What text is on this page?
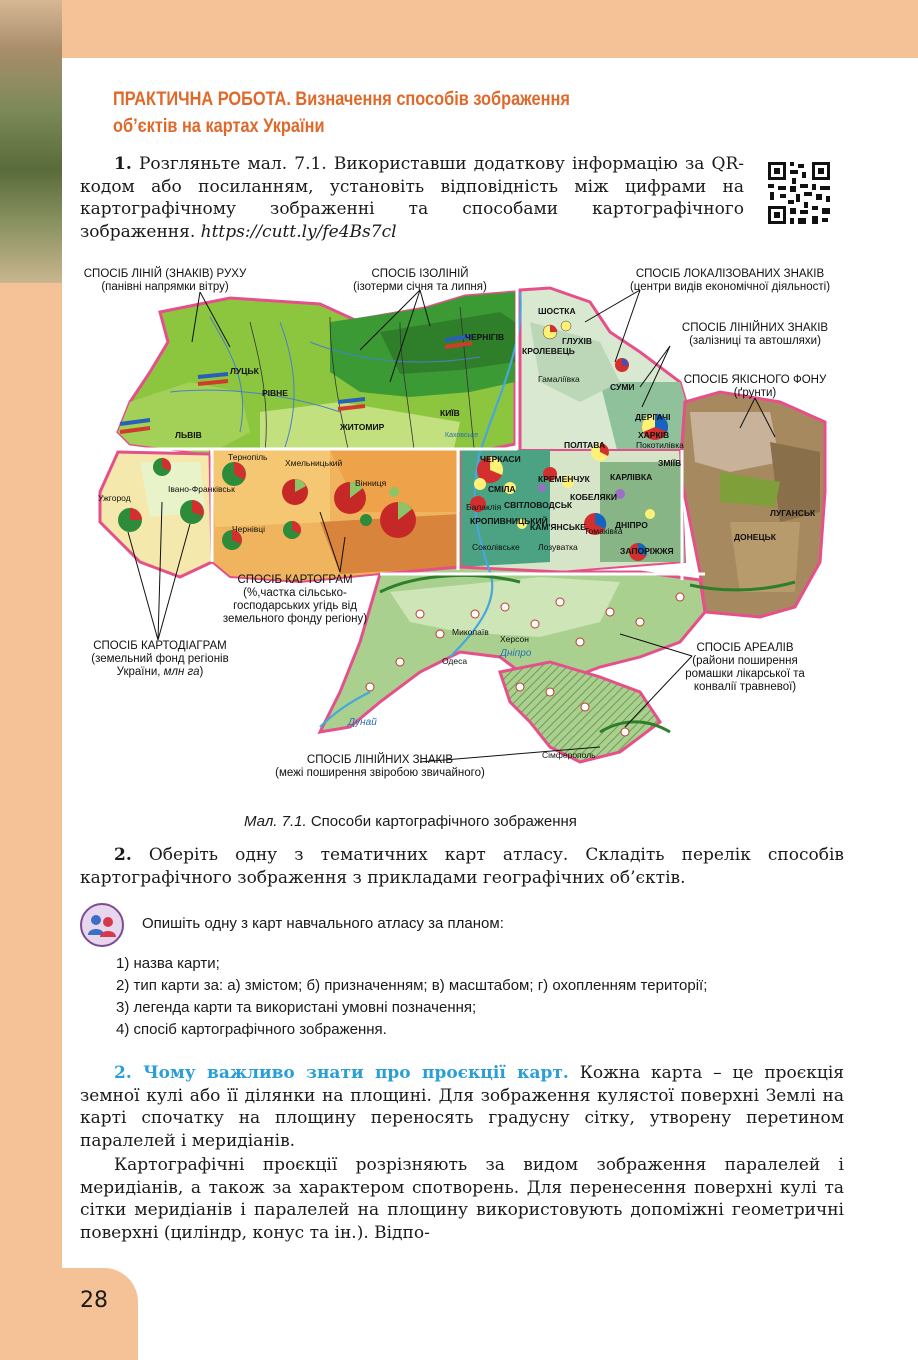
28
ПРАКТИЧНА РОБОТА. Визначення способів зображення об’єктів на картах України
1. Розгляньте мал. 7.1. Використавши додаткову інформацію за QR-кодом або посиланням, установіть відповідність між цифрами на картографічному зображенні та способами картографічного зображення. https://cutt.ly/fe4Bs7cl
СПОСІБ ЛІНІЙ (ЗНАКІВ) РУХУ
(панівні напрямки вітру)
СПОСІБ ІЗОЛІНІЙ
(ізотерми січня та липня)
СПОСІБ ЛОКАЛІЗОВАНИХ ЗНАКІВ
(центри видів економічної діяльності)
СПОСІБ ЛІНІЙНИХ ЗНАКІВ
(залізниці та автошляхи)
СПОСІБ ЯКІСНОГО ФОНУ
(ґрунти)
СПОСІБ КАРТОГРАМ
(%,частка сільсько-господарських угідь від земельного фонду регіону)
СПОСІБ КАРТОДІАГРАМ
(земельний фонд регіонів
України, млн га)
СПОСІБ АРЕАЛІВ
(райони поширення ромашки лікарської та конвалії травневої)
СПОСІБ ЛІНІЙНИХ ЗНАКІВ
(межі поширення звіробою звичайного)
ЛУЦЬК
РІВНЕ
ЛЬВІВ
ЖИТОМИР
КИЇВ
ЧЕРНІГІВ
Каховське
ШОСТКА
ГЛУХІВ
КРОЛЕВЕЦЬ
Гамаліївка
СУМИ
ДЕРГАЧІ
ХАРКІВ
Покотилівка
ЗМІЇВ
ПОЛТАВА
ЧЕРКАСИ
КРЕМЕНЧУК
СМІЛА
КОБЕЛЯКИ
КАРЛІВКА
СВІТЛОВОДСЬК
Балаклія
КРОПИВНИЦЬКИЙ
КАМ'ЯНСЬКЕ	ДНІПРО
Соколівське Лозуватка
Томаківка
ЗАПОРІЖЖЯ
ЛУГАНСЬК
ДОНЕЦЬК
Тернопіль
Хмельницький
Вінниця
Івано-Франківськ
Ужгород
Чернівці
Миколаїв
Херсон
Одеса
Сімферополь
Дніпро
Дунай
Мал. 7.1. Способи картографічного зображення
2. Оберіть одну з тематичних карт атласу. Складіть перелік способів картографічного зображення з прикладами географічних об’єктів.
Опишіть одну з карт навчального атласу за планом:
1) назва карти;
2) тип карти за: а) змістом; б) призначенням; в) масштабом; г) охопленням території;
3) легенда карти та використані умовні позначення;
4) спосіб картографічного зображення.
2. Чому важливо знати про проєкції карт. Кожна карта – це проєкція земної кулі або її ділянки на площині. Для зображення кулястої поверхні Землі на карті спочатку на площину переносять градусну сітку, утворену перетином паралелей і меридіанів.
Картографічні проєкції розрізняють за видом зображення паралелей і меридіанів, а також за характером спотворень. Для перенесення поверхні кулі та сітки меридіанів і паралелей на площину використовують допоміжні геометричні поверхні (циліндр, конус та ін.). Відпо-
